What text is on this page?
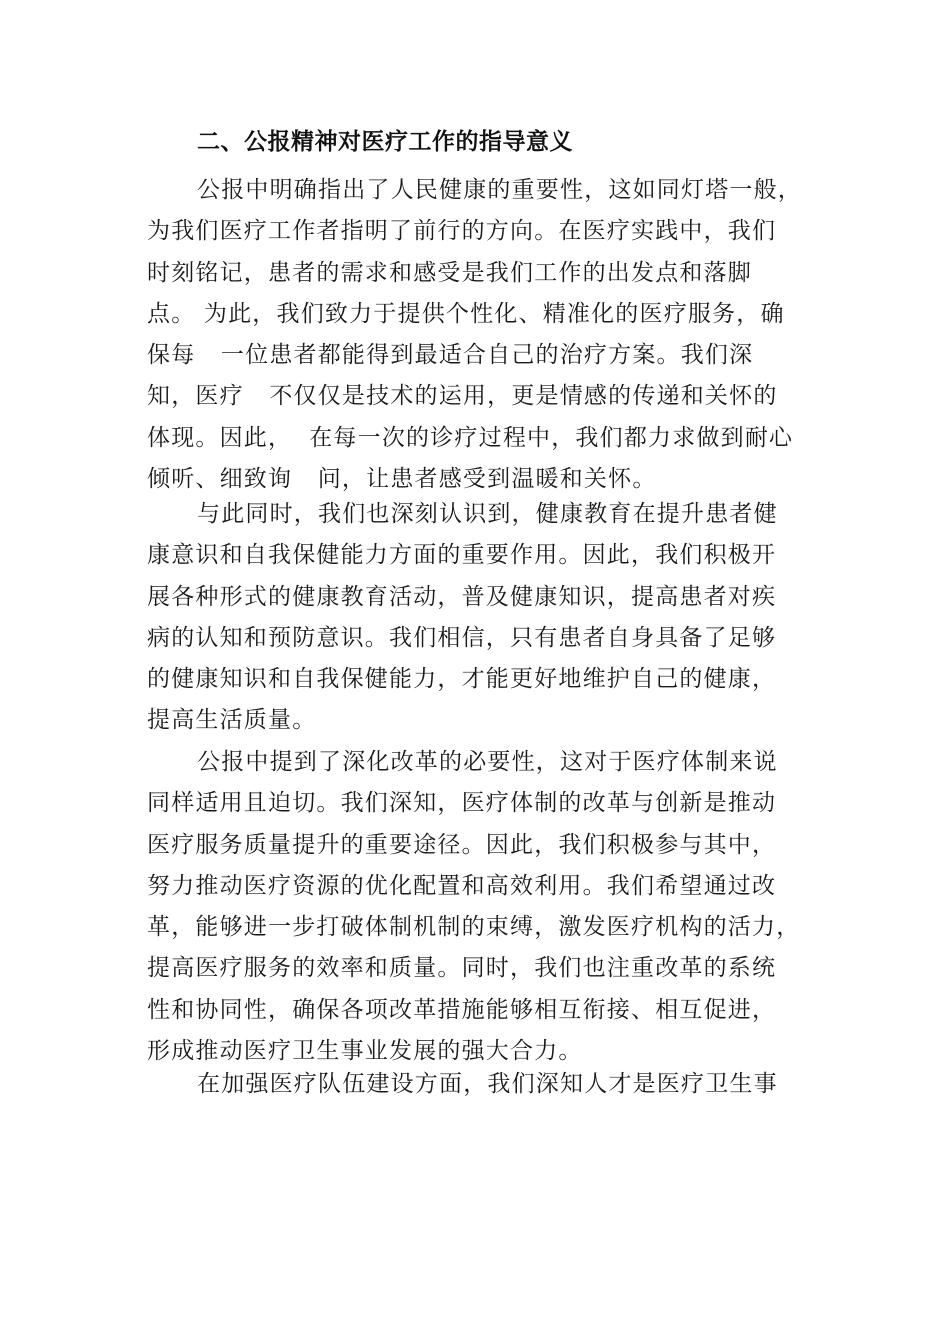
二、公报精神对医疗工作的指导意义
公报中明确指出了人民健康的重要性，这如同灯塔一般，
为我们医疗工作者指明了前行的方向。在医疗实践中，我们
时刻铭记，患者的需求和感受是我们工作的出发点和落脚
点。 为此，我们致力于提供个性化、精准化的医疗服务，确
保每   一位患者都能得到最适合自己的治疗方案。我们深
知，医疗   不仅仅是技术的运用，更是情感的传递和关怀的
体现。因此，  在每一次的诊疗过程中，我们都力求做到耐心
倾听、细致询   问，让患者感受到温暖和关怀。
与此同时，我们也深刻认识到，健康教育在提升患者健
康意识和自我保健能力方面的重要作用。因此，我们积极开
展各种形式的健康教育活动，普及健康知识，提高患者对疾
病的认知和预防意识。我们相信，只有患者自身具备了足够
的健康知识和自我保健能力，才能更好地维护自己的健康，
提高生活质量。
公报中提到了深化改革的必要性，这对于医疗体制来说
同样适用且迫切。我们深知，医疗体制的改革与创新是推动
医疗服务质量提升的重要途径。因此，我们积极参与其中，
努力推动医疗资源的优化配置和高效利用。我们希望通过改
革，能够进一步打破体制机制的束缚，激发医疗机构的活力，
提高医疗服务的效率和质量。同时，我们也注重改革的系统
性和协同性，确保各项改革措施能够相互衔接、相互促进，
形成推动医疗卫生事业发展的强大合力。
在加强医疗队伍建设方面，我们深知人才是医疗卫生事
